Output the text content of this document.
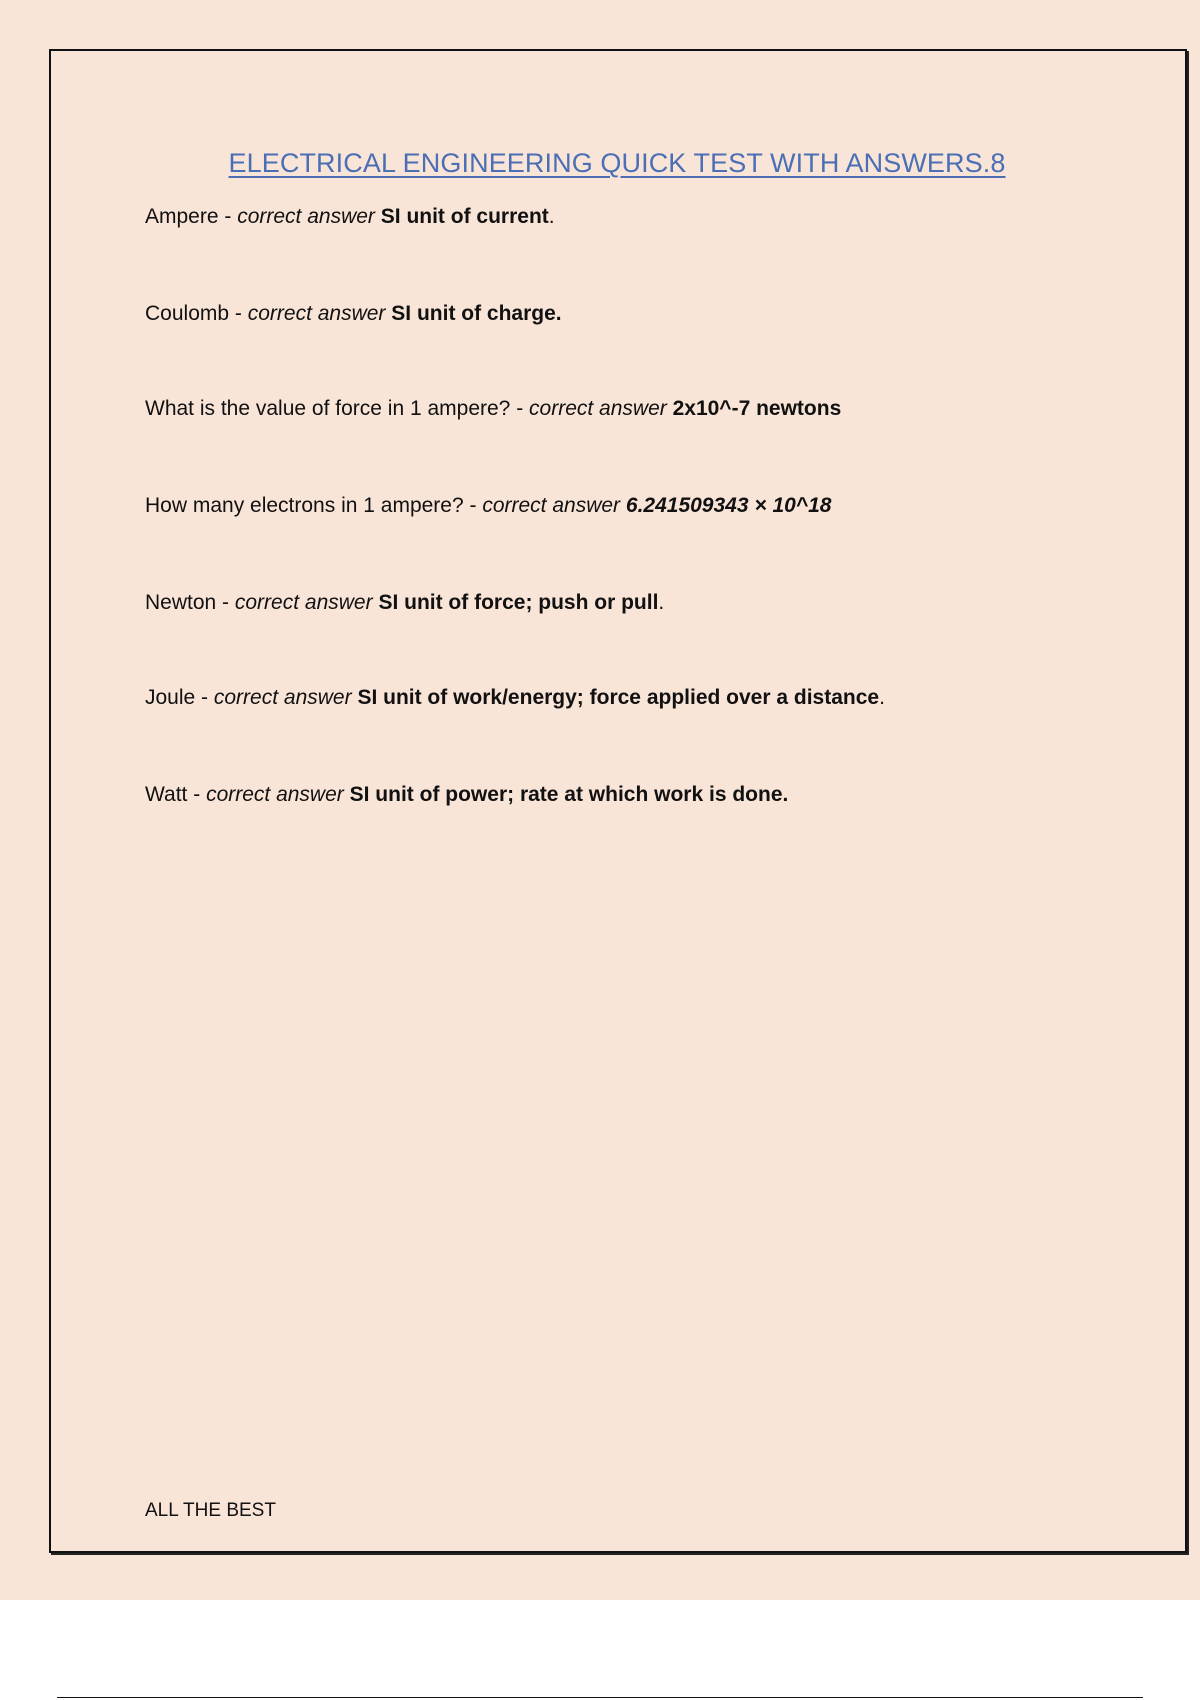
ELECTRICAL ENGINEERING QUICK TEST WITH ANSWERS.8
Ampere - correct answer SI unit of current.
Coulomb - correct answer SI unit of charge.
What is the value of force in 1 ampere? - correct answer 2x10^-7 newtons
How many electrons in 1 ampere? - correct answer 6.241509343 × 10^18
Newton - correct answer SI unit of force; push or pull.
Joule - correct answer SI unit of work/energy; force applied over a distance.
Watt - correct answer SI unit of power; rate at which work is done.
ALL THE BEST
